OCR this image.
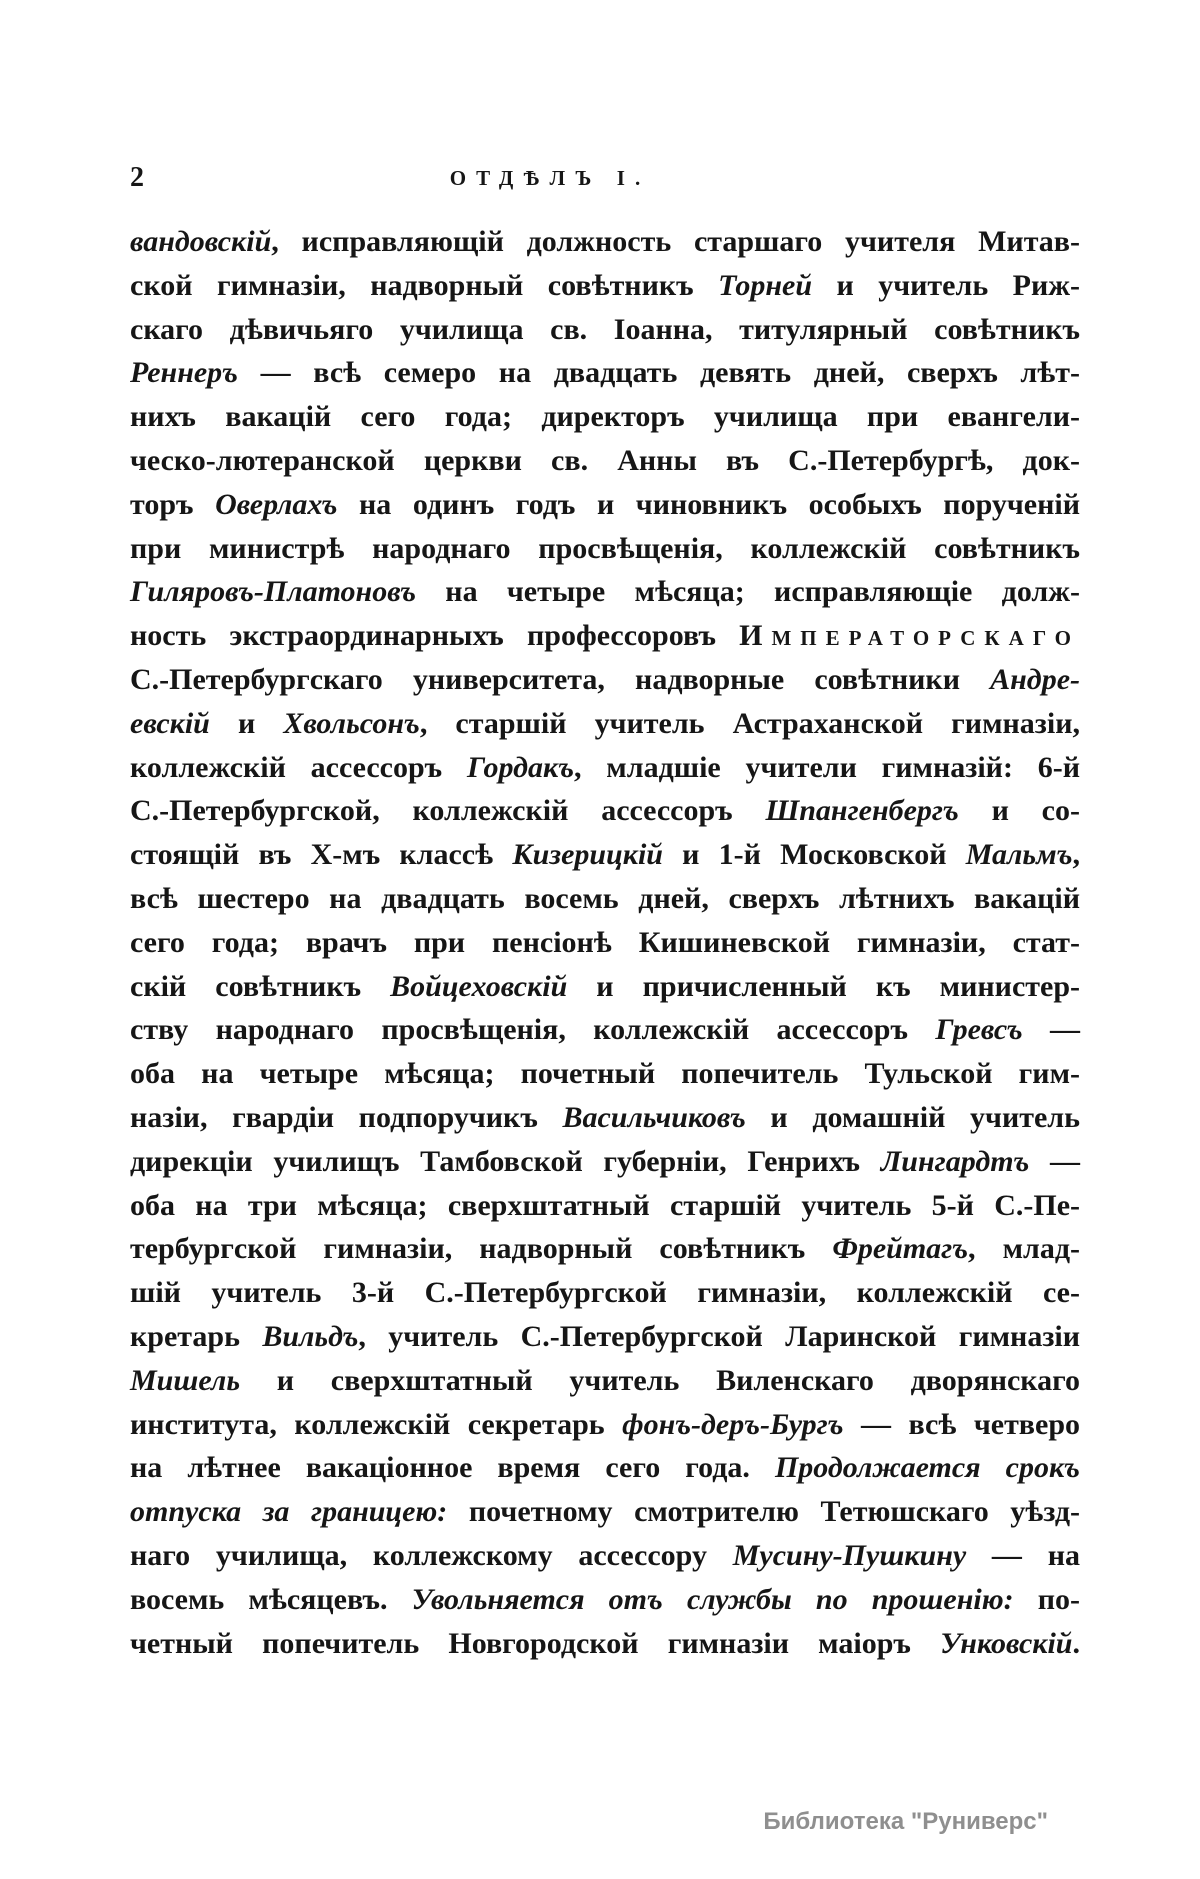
2	ОТДѢЛЪ I.
вандовскій, исправляющій должность старшаго учителя Митав-
ской гимназіи, надворный совѣтникъ Торней и учитель Риж-
скаго дѣвичьяго училища св. Іоанна, титулярный совѣтникъ
Реннеръ — всѣ семеро на двадцать девять дней, сверхъ лѣт-
нихъ вакацій сего года; директоръ училища при евангели-
ческо-лютеранской церкви св. Анны въ С.-Петербургѣ, док-
торъ Оверлахъ на одинъ годъ и чиновникъ особыхъ порученій
при министрѣ народнаго просвѣщенія, коллежскій совѣтникъ
Гиляровъ-Платоновъ на четыре мѣсяца; исправляющіе долж-
ность экстраординарныхъ профессоровъ Императорскаго
С.-Петербургскаго университета, надворные совѣтники Андре-
евскій и Хвольсонъ, старшій учитель Астраханской гимназіи,
коллежскій ассессоръ Гордакъ, младшіе учители гимназій: 6-й
С.-Петербургской, коллежскій ассессоръ Шпангенбергъ и со-
стоящій въ X-мъ классѣ Кизерицкій и 1-й Московской Мальмъ,
всѣ шестеро на двадцать восемь дней, сверхъ лѣтнихъ вакацій
сего года; врачъ при пенсіонѣ Кишиневской гимназіи, стат-
скій совѣтникъ Войцеховскій и причисленный къ министер-
ству народнаго просвѣщенія, коллежскій ассессоръ Гревсъ —
оба на четыре мѣсяца; почетный попечитель Тульской гим-
назіи, гвардіи подпоручикъ Васильчиковъ и домашній учитель
дирекціи училищъ Тамбовской губерніи, Генрихъ Лингардтъ —
оба на три мѣсяца; сверхштатный старшій учитель 5-й С.-Пе-
тербургской гимназіи, надворный совѣтникъ Фрейтагъ, млад-
шій учитель 3-й С.-Петербургской гимназіи, коллежскій се-
кретарь Вильдъ, учитель С.-Петербургской Ларинской гимназіи
Мишель и сверхштатный учитель Виленскаго дворянскаго
института, коллежскій секретарь фонъ-деръ-Бургъ — всѣ четверо
на лѣтнее вакаціонное время сего года. Продолжается срокъ
отпуска за границею: почетному смотрителю Тетюшскаго уѣзд-
наго училища, коллежскому ассессору Мусину-Пушкину — на
восемь мѣсяцевъ. Увольняется отъ службы по прошенію: по-
четный попечитель Новгородской гимназіи маіоръ Унковскій.
Библиотека "Руниверс"
